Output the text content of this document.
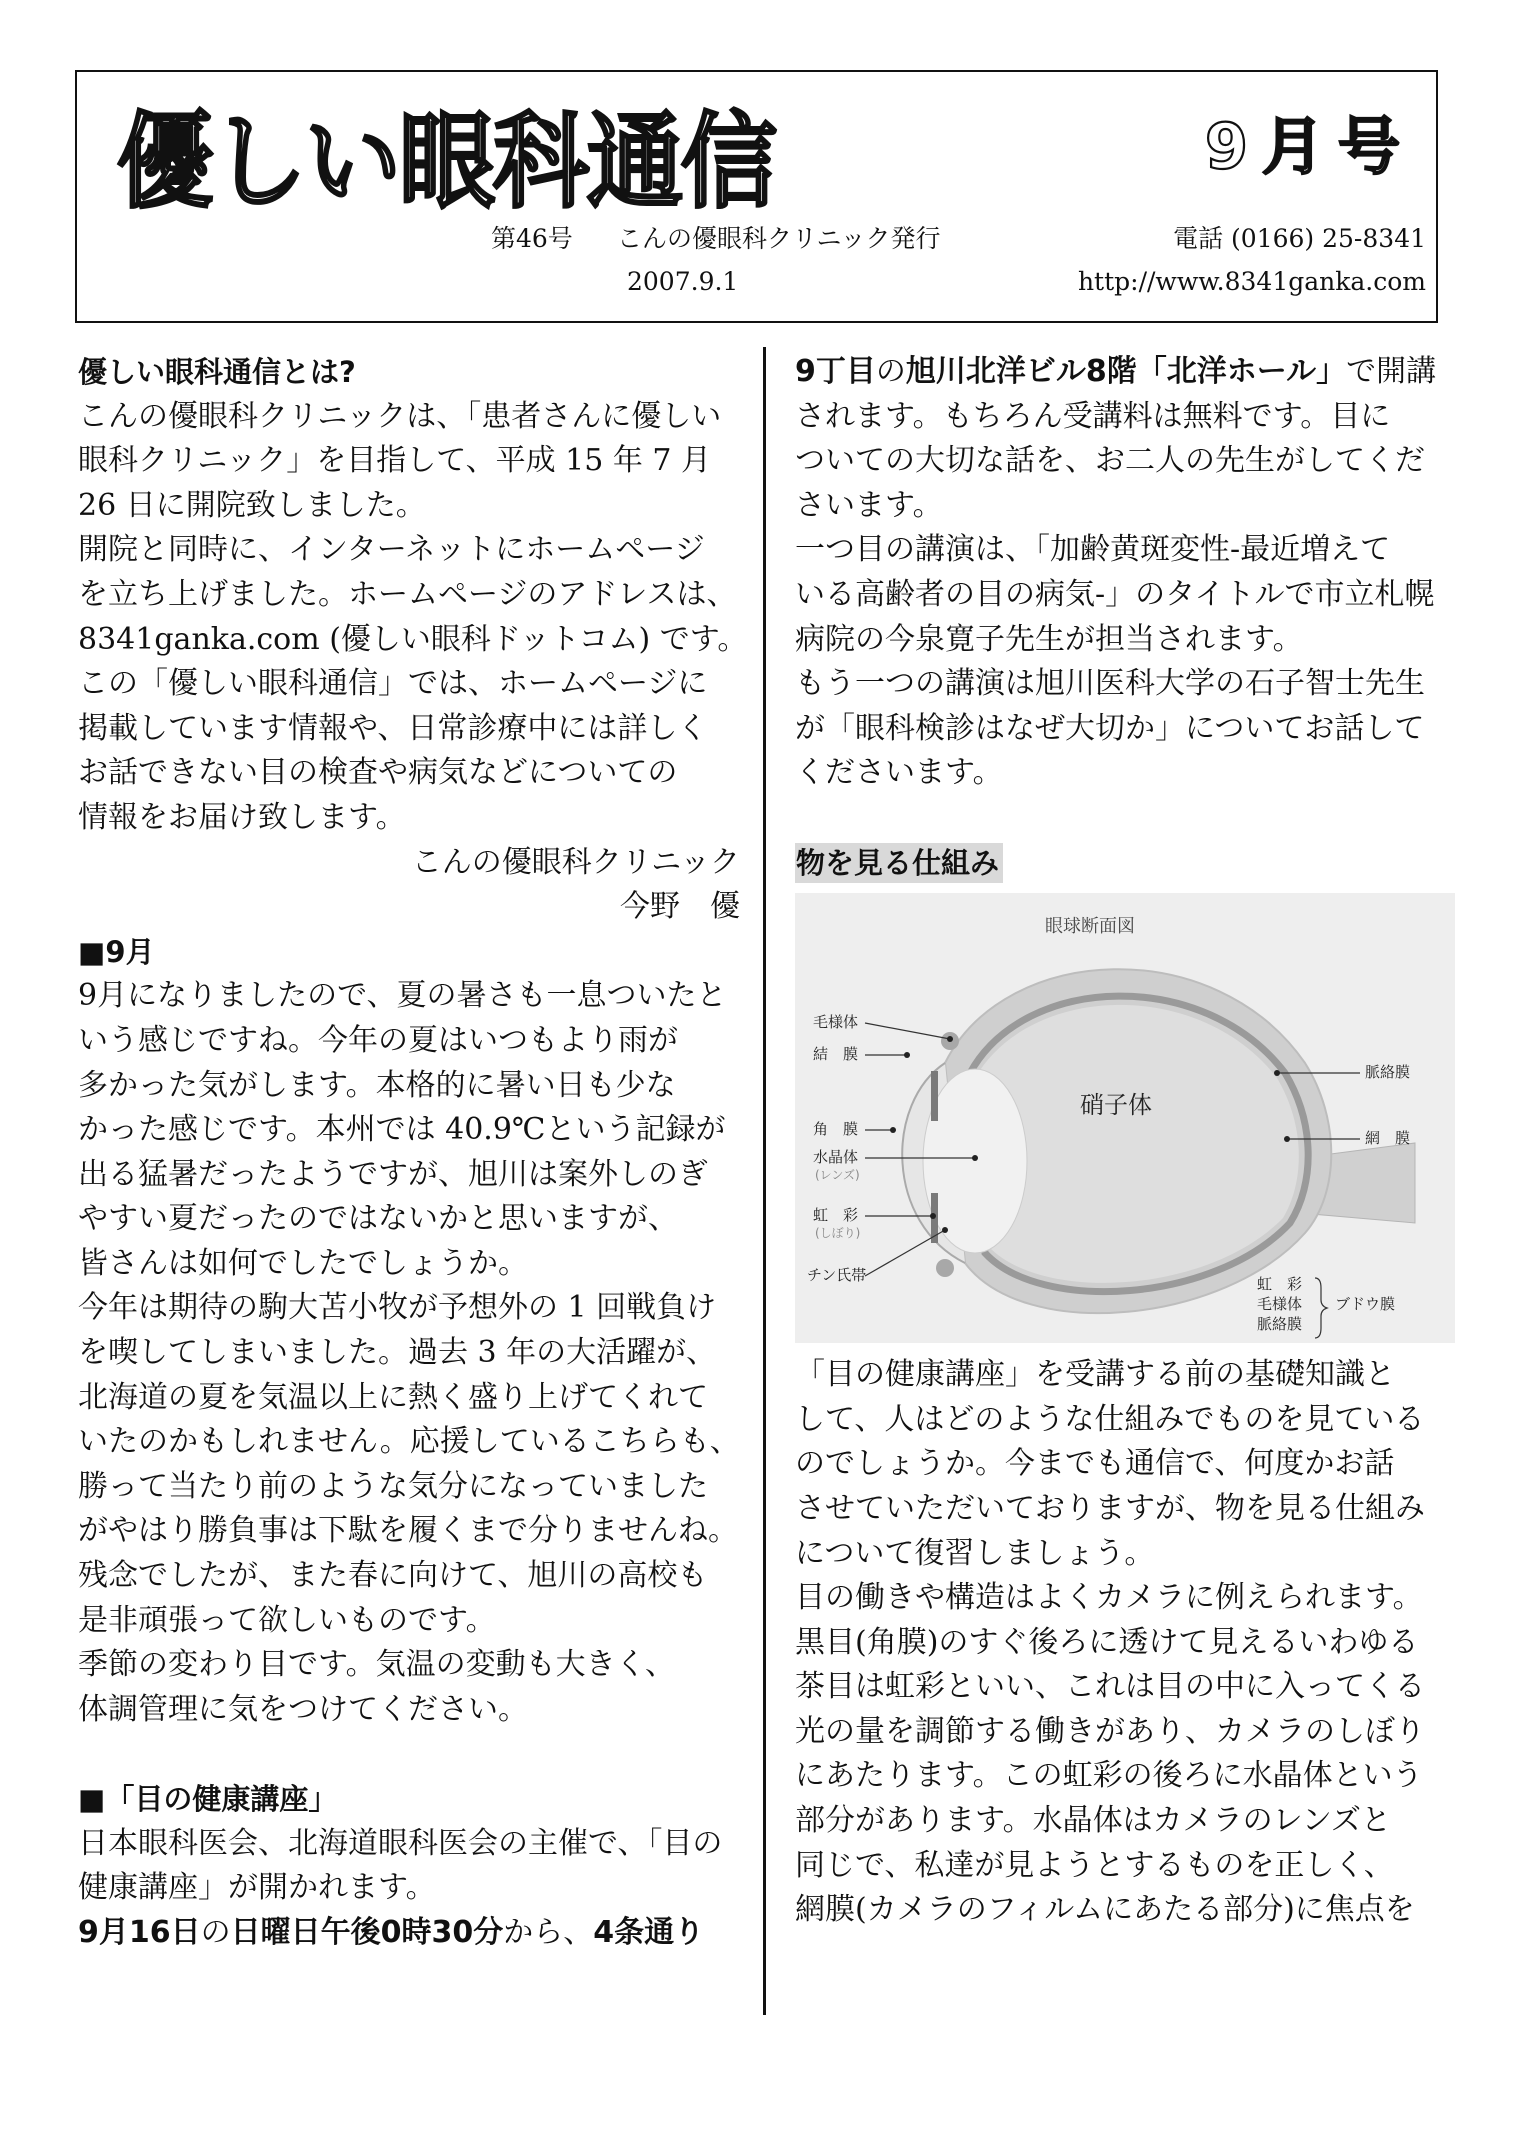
優しい眼科通信	9月号
第46号 こんの優眼科クリニック発行	電話 (0166) 25-8341
2007.9.1	http://www.8341ganka.com
優しい眼科通信とは?
こんの優眼科クリニックは、「患者さんに優しい
眼科クリニック」を目指して、平成 15 年 7 月
26 日に開院致しました。
開院と同時に、インターネットにホームページ
を立ち上げました。ホームページのアドレスは、
8341ganka.com (優しい眼科ドットコム) です。
この「優しい眼科通信」では、ホームページに
掲載しています情報や、日常診療中には詳しく
お話できない目の検査や病気などについての
情報をお届け致します。
こんの優眼科クリニック
今野　優
■9月
9月になりましたので、夏の暑さも一息ついたと
いう感じですね。今年の夏はいつもより雨が
多かった気がします。本格的に暑い日も少な
かった感じです。本州では 40.9℃という記録が
出る猛暑だったようですが、旭川は案外しのぎ
やすい夏だったのではないかと思いますが、
皆さんは如何でしたでしょうか。
今年は期待の駒大苫小牧が予想外の 1 回戦負け
を喫してしまいました。過去 3 年の大活躍が、
北海道の夏を気温以上に熱く盛り上げてくれて
いたのかもしれません。応援しているこちらも、
勝って当たり前のような気分になっていました
がやはり勝負事は下駄を履くまで分りませんね。
残念でしたが、また春に向けて、旭川の高校も
是非頑張って欲しいものです。
季節の変わり目です。気温の変動も大きく、
体調管理に気をつけてください。
■「目の健康講座」
日本眼科医会、北海道眼科医会の主催で、「目の
健康講座」が開かれます。
9月16日の日曜日午後0時30分から、4条通り
9丁目の旭川北洋ビル8階「北洋ホール」で開講
されます。もちろん受講料は無料です。目に
ついての大切な話を、お二人の先生がしてくだ
さいます。
一つ目の講演は、「加齢黄斑変性-最近増えて
いる高齢者の目の病気-」のタイトルで市立札幌
病院の今泉寛子先生が担当されます。
もう一つの講演は旭川医科大学の石子智士先生
が「眼科検診はなぜ大切か」についてお話して
くださいます。
物を見る仕組み
眼球断面図
硝子体
毛様体
結　膜
角　膜
水晶体
(レンズ)
虹　彩
(しぼり)
チン氏帯
脈絡膜
網　膜
虹　彩
毛様体
脈絡膜
ブドウ膜
「目の健康講座」を受講する前の基礎知識と
して、人はどのような仕組みでものを見ている
のでしょうか。今までも通信で、何度かお話
させていただいておりますが、物を見る仕組み
について復習しましょう。
目の働きや構造はよくカメラに例えられます。
黒目(角膜)のすぐ後ろに透けて見えるいわゆる
茶目は虹彩といい、これは目の中に入ってくる
光の量を調節する働きがあり、カメラのしぼり
にあたります。この虹彩の後ろに水晶体という
部分があります。水晶体はカメラのレンズと
同じで、私達が見ようとするものを正しく、
網膜(カメラのフィルムにあたる部分)に焦点を
